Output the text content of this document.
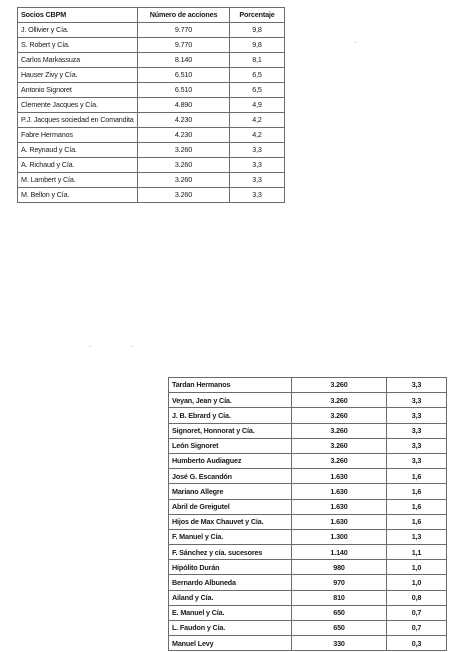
Socios CBPM	Número de acciones	Porcentaje
J. Ollivier y Cía.	9.770	9,8
S. Robert y Cía.	9.770	9,8
Carlos Markassuza	8.140	8,1
Hauser Zivy y Cía.	6.510	6,5
Antonio Signoret	6.510	6,5
Clemente Jacques y Cía.	4.890	4,9
P.J. Jacques sociedad en Comandita	4.230	4,2
Fabre Hermanos	4.230	4,2
A. Reynaud y Cía.	3.260	3,3
A. Richaud y Cía.	3.260	3,3
M. Lambert y Cía.	3.260	3,3
M. Bellon y Cía.	3.260	3,3
Tardan Hermanos	3.260	3,3
Veyan, Jean y Cía.	3.260	3,3
J. B. Ebrard y Cía.	3.260	3,3
Signoret, Honnorat y Cía.	3.260	3,3
León Signoret	3.260	3,3
Humberto Audiaguez	3.260	3,3
José G. Escandón	1.630	1,6
Mariano Allegre	1.630	1,6
Abril de Greigutel	1.630	1,6
Hijos de Max Chauvet y Cía.	1.630	1,6
F. Manuel y Cía.	1.300	1,3
F. Sánchez y cía. sucesores	1.140	1,1
Hipólito Durán	980	1,0
Bernardo Albuneda	970	1,0
Ailand y Cía.	810	0,8
E. Manuel y Cía.	650	0,7
L. Faudon y Cía.	650	0,7
Manuel Levy	330	0,3
